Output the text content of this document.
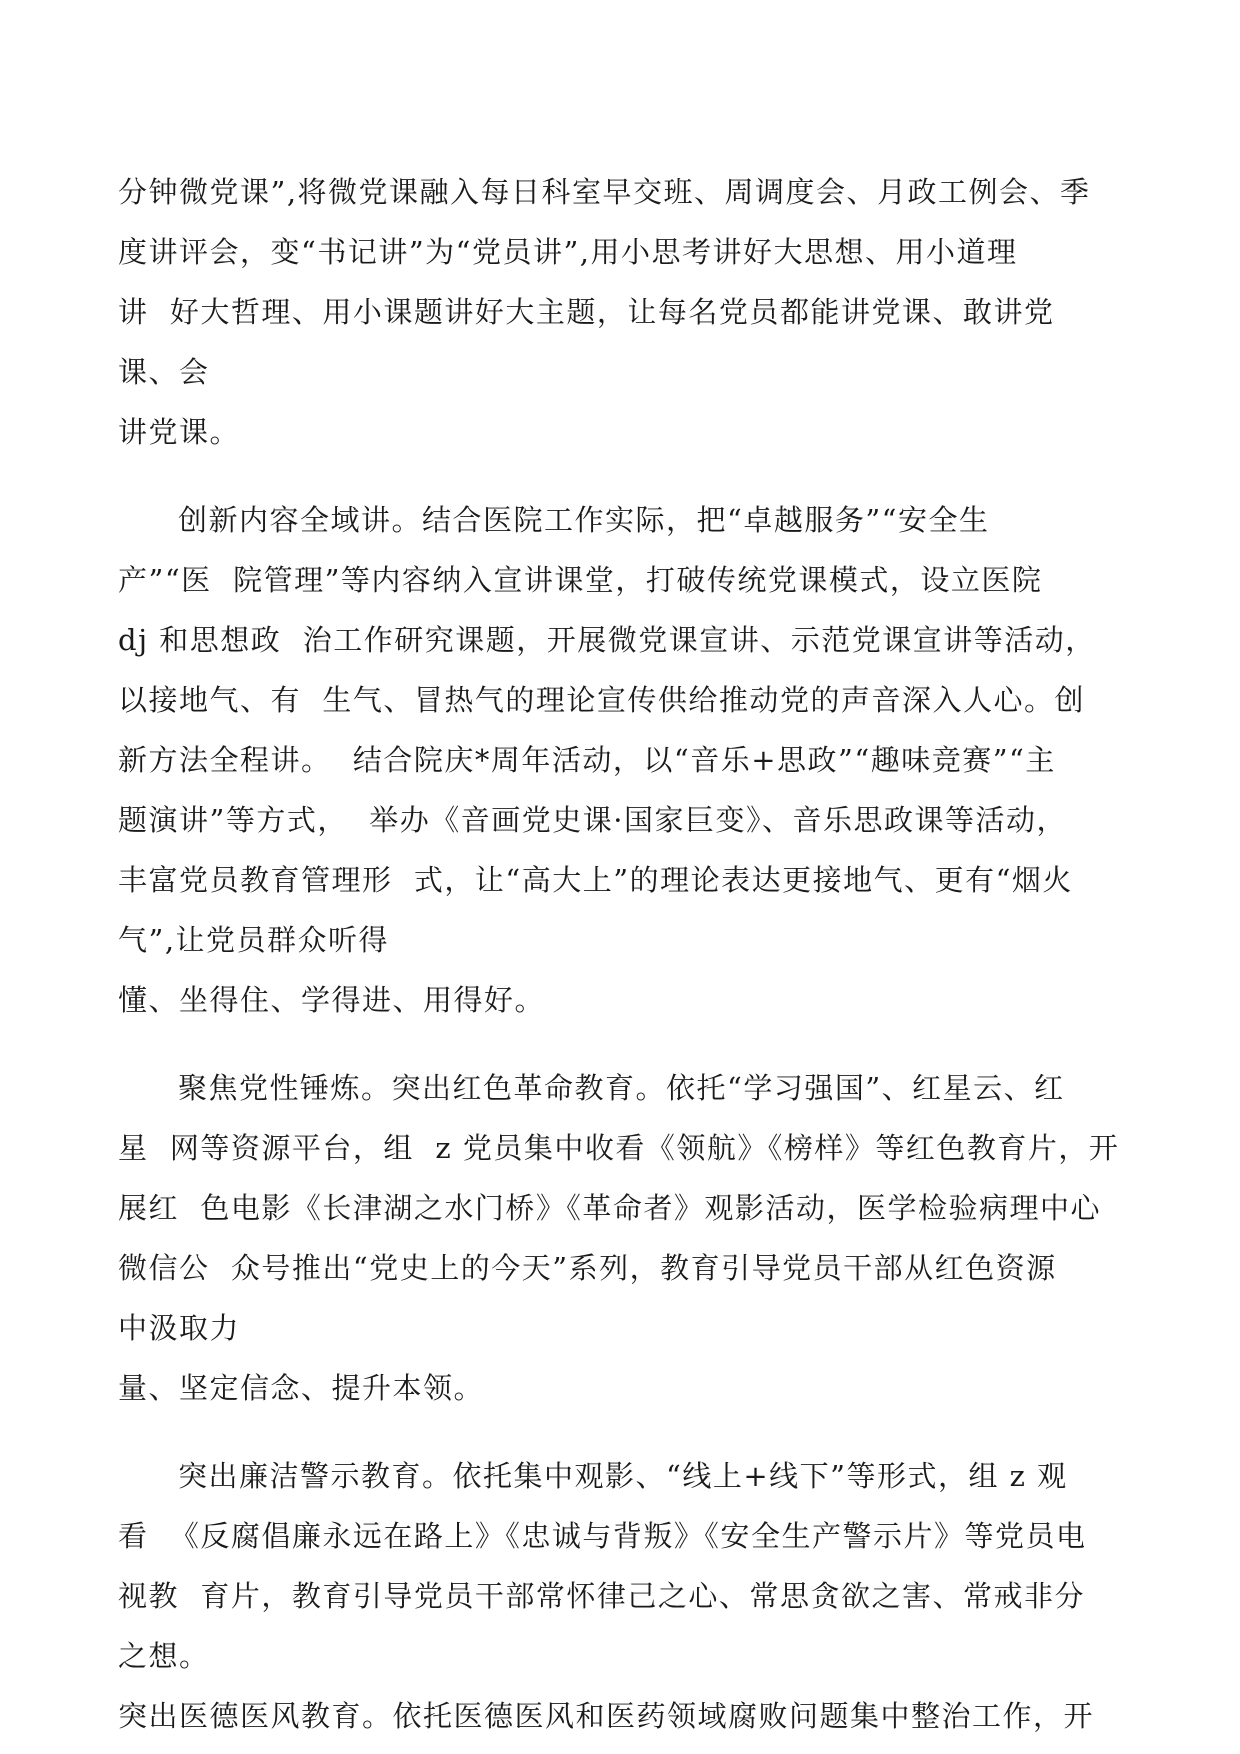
分钟微党课”,将微党课融入每日科室早交班、周调度会、月政工例会、季
度讲评会，变“书记讲”为“党员讲”,用小思考讲好大思想、用小道理
讲  好大哲理、用小课题讲好大主题，让每名党员都能讲党课、敢讲党
课、会
讲党课。
创新内容全域讲。结合医院工作实际，把“卓越服务”“安全生
产”“医  院管理”等内容纳入宣讲课堂，打破传统党课模式，设立医院
dj 和思想政  治工作研究课题，开展微党课宣讲、示范党课宣讲等活动，
以接地气、有  生气、冒热气的理论宣传供给推动党的声音深入人心。创
新方法全程讲。  结合院庆*周年活动，以“音乐+思政”“趣味竞赛”“主
题演讲”等方式，  举办《音画党史课·国家巨变》、音乐思政课等活动，
丰富党员教育管理形  式，让“高大上”的理论表达更接地气、更有“烟火
气”,让党员群众听得
懂、坐得住、学得进、用得好。
聚焦党性锤炼。突出红色革命教育。依托“学习强国”、红星云、红
星  网等资源平台，组  z 党员集中收看《领航》《榜样》等红色教育片，开
展红  色电影《长津湖之水门桥》《革命者》观影活动，医学检验病理中心
微信公  众号推出“党史上的今天”系列，教育引导党员干部从红色资源
中汲取力
量、坚定信念、提升本领。
突出廉洁警示教育。依托集中观影、“线上+线下”等形式，组 z 观
看  《反腐倡廉永远在路上》《忠诚与背叛》《安全生产警示片》等党员电
视教  育片，教育引导党员干部常怀律己之心、常思贪欲之害、常戒非分
之想。
突出医德医风教育。依托医德医风和医药领域腐败问题集中整治工作，开
